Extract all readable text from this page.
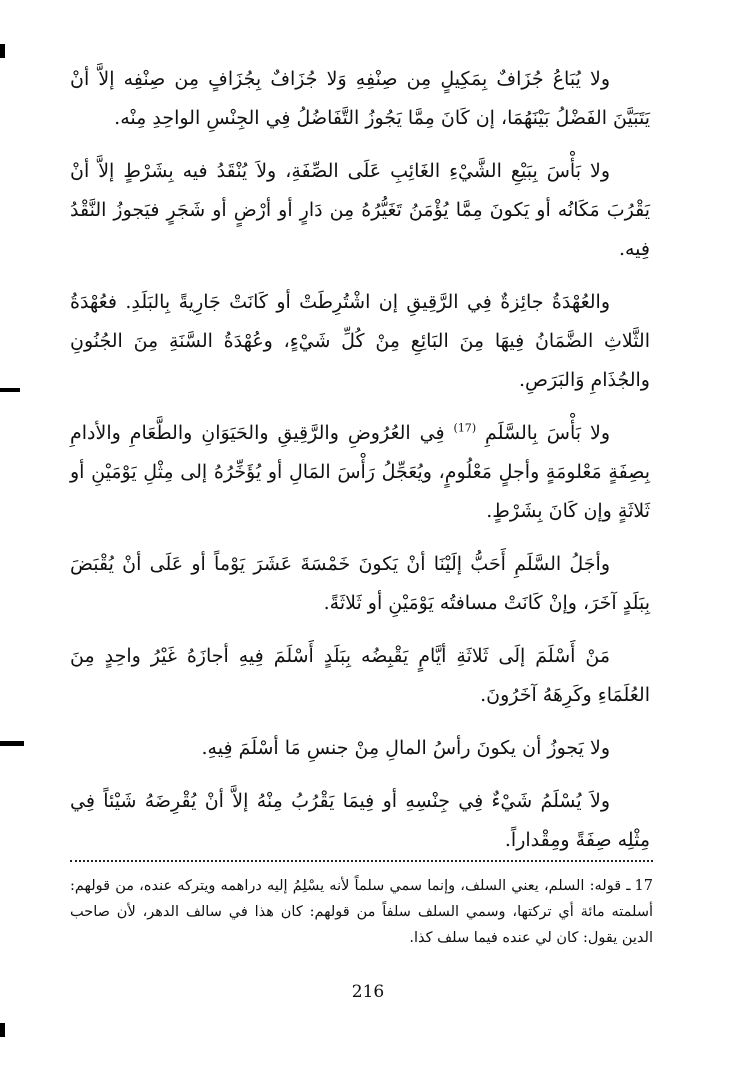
ولا يُبَاعُ جُزَافٌ بِمَكِيلٍ مِن صِنْفِهِ وَلا جُزَافٌ بِجُزَافٍ مِن صِنْفِه إلاَّ أنْ يَتَبَيَّنَ الفَضْلُ بَيْنَهُمَا، إن كَانَ مِمَّا يَجُوزُ التَّفَاضُلُ فِي الجِنْسِ الواحِدِ مِنْه.

ولا بَأْسَ بِبَيْعِ الشَّيْءِ الغَائِبِ عَلَى الصِّفَةِ، ولاَ يُنْقَدُ فيه بِشَرْطٍ إلاَّ أنْ يَقْرُبَ مَكَانُه أو يَكونَ مِمَّا يُؤْمَنُ تَغَيُّرُهُ مِن دَارٍ أو أرْضٍ أو شَجَرٍ فيَجوزُ النَّقْدُ فِيه.

والعُهْدَةُ جائِزةٌ فِي الرَّقِيقِ إن اشْتُرِطَتْ أو كَانَتْ جَارِيةً بِالبَلَدِ. فعُهْدَةُ الثَّلاثِ الضَّمَانُ فِيهَا مِنَ البَائِعِ مِنْ كُلِّ شَيْءٍ، وعُهْدَةُ السَّنَةِ مِنَ الجُنُونِ والجُذَامِ وَالبَرَصِ.

ولا بَأْسَ بِالسَّلَمِ $^{(17)}$ فِي العُرُوضِ والرَّقِيقِ والحَيَوَانِ والطَّعَامِ والأدامِ بِصِفَةٍ مَعْلومَةٍ وأجلٍ مَعْلُومٍ، ويُعَجِّلُ رَأْسَ المَالِ أو يُؤَخِّرُهُ إلى مِثْلِ يَوْمَيْنِ أو ثَلاثَةٍ وإن كَانَ بِشَرْطٍ.

وأجَلُ السَّلَمِ أَحَبُّ إلَيْنَا أنْ يَكونَ خَمْسَةَ عَشَرَ يَوْماً أو عَلَى أنْ يُقْبَضَ بِبَلَدٍ آخَرَ، وإنْ كَانَتْ مسافتُه يَوْمَيْنِ أو ثَلاثَةً.

مَنْ أَسْلَمَ إلَى ثَلاثَةِ أيَّامٍ يَقْبِضُه بِبَلَدٍ أَسْلَمَ فِيهِ أجازَهُ غَيْرُ واحِدٍ مِنَ العُلَمَاءِ وكَرِهَهُ آخَرُونَ.

ولا يَجوزُ أن يكونَ رأسُ المالِ مِنْ جنسِ مَا أسْلَمَ فِيهِ.

ولاَ يُسْلَمُ شَيْءٌ فِي جِنْسِهِ أو فِيمَا يَقْرُبُ مِنْهُ إلاَّ أنْ يُقْرِضَهُ شَيْئاً فِي مِثْلِه صِفَةً ومِقْداراً.

17ـ قوله: السلم، يعني السلف، وإنما سمي سلماً لأنه يسْلِمُ إليه دراهمه ويتركه عنده، من قولهم: أسلمته مائة أي تركتها، وسمي السلف سلفاً من قولهم: كان هذا في سالف الدهر، لأن صاحب الدين يقول: كان لي عنده فيما سلف كذا.

216
